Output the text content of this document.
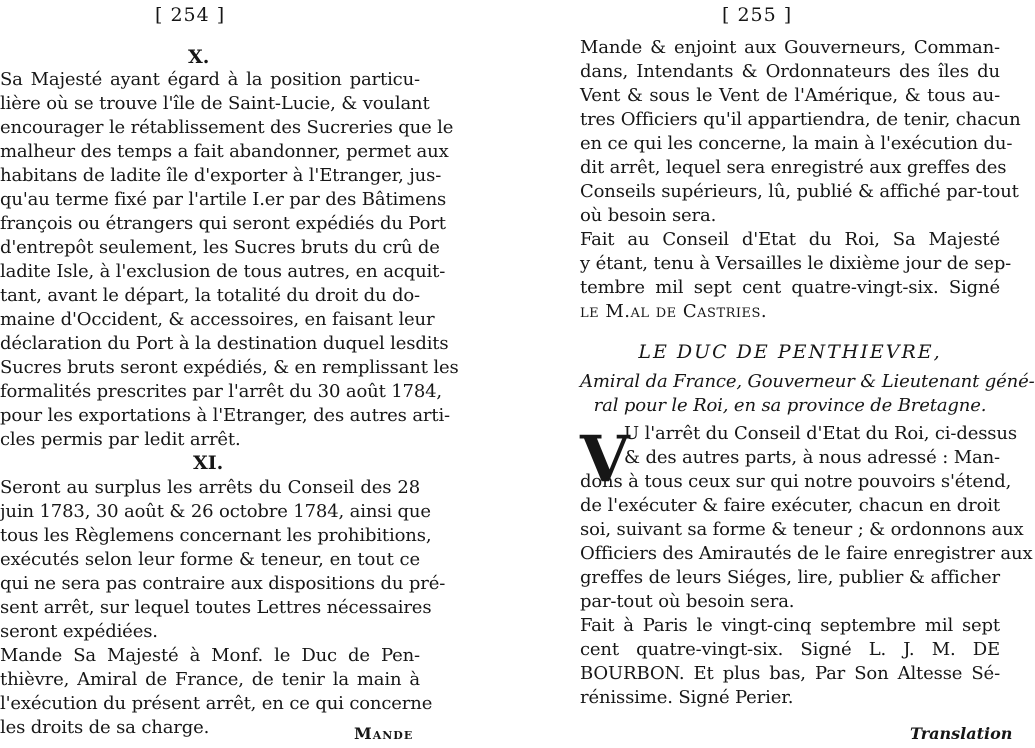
[ 254 ]
X.
Sa Majesté ayant égard à la position particu-
lière où se trouve l'île de Saint-Lucie, & voulant
encourager le rétablissement des Sucreries que le
malheur des temps a fait abandonner, permet aux
habitans de ladite île d'exporter à l'Etranger, jus-
qu'au terme fixé par l'artile I.er par des Bâtimens
françois ou étrangers qui seront expédiés du Port
d'entrepôt seulement, les Sucres bruts du crû de
ladite Isle, à l'exclusion de tous autres, en acquit-
tant, avant le départ, la totalité du droit du do-
maine d'Occident, & accessoires, en faisant leur
déclaration du Port à la destination duquel lesdits
Sucres bruts seront expédiés, & en remplissant les
formalités prescrites par l'arrêt du 30 août 1784,
pour les exportations à l'Etranger, des autres arti-
cles permis par ledit arrêt.
XI.
Seront au surplus les arrêts du Conseil des 28
juin 1783, 30 août & 26 octobre 1784, ainsi que
tous les Règlemens concernant les prohibitions,
exécutés selon leur forme & teneur, en tout ce
qui ne sera pas contraire aux dispositions du pré-
sent arrêt, sur lequel toutes Lettres nécessaires
seront expédiées.
Mande Sa Majesté à Monf. le Duc de Pen-
thièvre, Amiral de France, de tenir la main à
l'exécution du présent arrêt, en ce qui concerne
les droits de sa charge.	Mande
[ 255 ]
Mande & enjoint aux Gouverneurs, Comman-
dans, Intendants & Ordonnateurs des îles du
Vent & sous le Vent de l'Amérique, & tous au-
tres Officiers qu'il appartiendra, de tenir, chacun
en ce qui les concerne, la main à l'exécution du-
dit arrêt, lequel sera enregistré aux greffes des
Conseils supérieurs, lû, publié & affiché par-tout
où besoin sera.
Fait au Conseil d'Etat du Roi, Sa Majesté
y étant, tenu à Versailles le dixième jour de sep-
tembre mil sept cent quatre-vingt-six. Signé
le M.al de Castries.
LE DUC DE PENTHIEVRE,
Amiral da France, Gouverneur & Lieutenant géné-
ral pour le Roi, en sa province de Bretagne.
V
U l'arrêt du Conseil d'Etat du Roi, ci-dessus
& des autres parts, à nous adressé : Man-
dons à tous ceux sur qui notre pouvoirs s'étend,
de l'exécuter & faire exécuter, chacun en droit
soi, suivant sa forme & teneur ; & ordonnons aux
Officiers des Amirautés de le faire enregistrer aux
greffes de leurs Siéges, lire, publier & afficher
par-tout où besoin sera.
Fait à Paris le vingt-cinq septembre mil sept
cent quatre-vingt-six. Signé L. J. M. DE
BOURBON. Et plus bas, Par Son Altesse Sé-
rénissime. Signé Perier.
Translation
